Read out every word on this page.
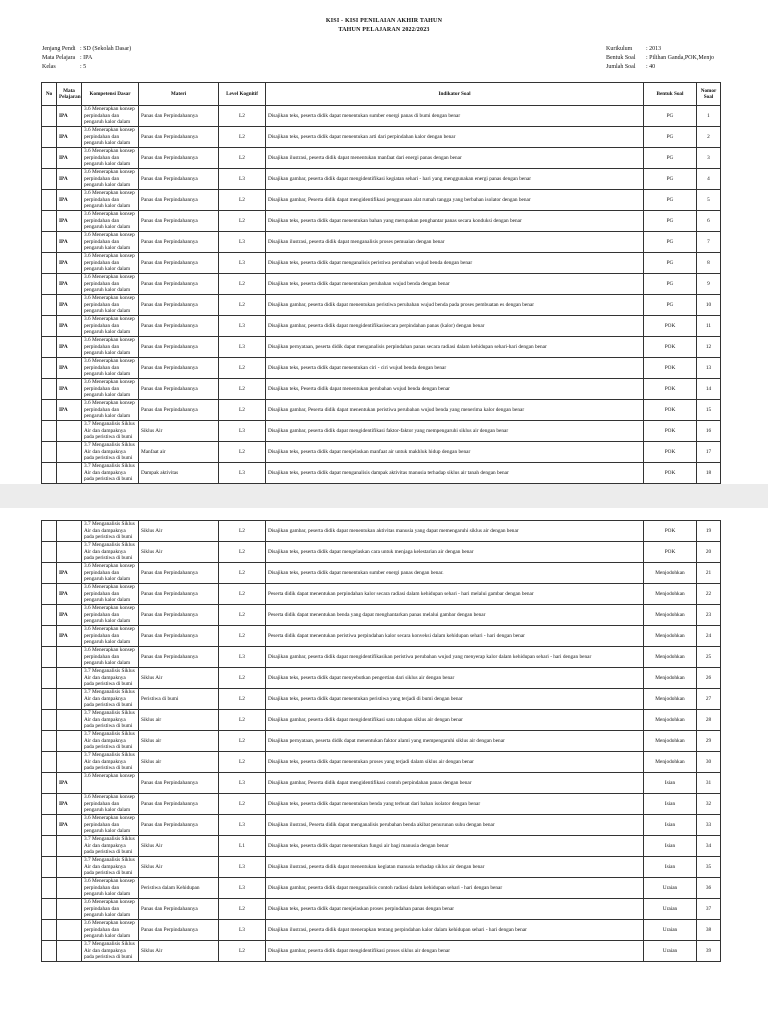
KISI - KISI PENILAIAN AKHIR TAHUN
TAHUN PELAJARAN 2022/2023
Jenjang Pendi : SD (Sekolah Dasar)
Mata Pelajara : IPA
Kelas	: 5
Kurikulum	: 2013
Bentuk Soal	: Pilihan Ganda,POK,Menjo
Jumlah Soal	: 40
No	Mata Pelajaran	Kompetensi Dasar	Materi	Level Kognitif	Indikator Soal	Bentuk Soal	Nomor Soal
	IPA	3.6 Menerapkan konsep perpindahan dan pengaruh kalor dalam	Panas dan Perpindahannya	L2	Disajikan teks, peserta didik dapat menentukan sumber energi panas di bumi dengan benar	PG	1
	IPA	3.6 Menerapkan konsep perpindahan dan pengaruh kalor dalam	Panas dan Perpindahannya	L2	Disajikan teks, peserta didik dapat menentukan arti dari perpindahan kalor dengan benar	PG	2
	IPA	3.6 Menerapkan konsep perpindahan dan pengaruh kalor dalam	Panas dan Perpindahannya	L2	Disajikan ilustrasi, peserta didik dapat menentukan manfaat dari energi panas dengan benar	PG	3
	IPA	3.6 Menerapkan konsep perpindahan dan pengaruh kalor dalam	Panas dan Perpindahannya	L3	Disajikan gambar, peserta didik dapat mengidentifikasi kegiatan sehari - hari yang menggunakan energi panas dengan benar	PG	4
	IPA	3.6 Menerapkan konsep perpindahan dan pengaruh kalor dalam	Panas dan Perpindahannya	L2	Disajikan gambar, Peserta didik dapat mengidentifikasi penggunaan alat rumah tangga yang berbahan isolator dengan benar	PG	5
	IPA	3.6 Menerapkan konsep perpindahan dan pengaruh kalor dalam	Panas dan Perpindahannya	L2	Disajikan teks, peserta didik dapat menentukan bahan yang merupakan penghantar panas secara konduksi dengan benar	PG	6
	IPA	3.6 Menerapkan konsep perpindahan dan pengaruh kalor dalam	Panas dan Perpindahannya	L3	Disajikan ilustrasi, peserta didik dapat menganalisis proses pemuaian dengan benar	PG	7
	IPA	3.6 Menerapkan konsep perpindahan dan pengaruh kalor dalam	Panas dan Perpindahannya	L3	Disajikan teks, peserta didik dapat menganalisis peristiwa perubahan wujud benda dengan benar	PG	8
	IPA	3.6 Menerapkan konsep perpindahan dan pengaruh kalor dalam	Panas dan Perpindahannya	L2	Disajikan teks, peserta didik dapat menentukan perubahan wujud benda dengan benar	PG	9
	IPA	3.6 Menerapkan konsep perpindahan dan pengaruh kalor dalam	Panas dan Perpindahannya	L2	Disajikan gambar, peserta didik dapat menentukan peristiwa perubahan wujud benda pada proses pembuatan es dengan benar	PG	10
	IPA	3.6 Menerapkan konsep perpindahan dan pengaruh kalor dalam	Panas dan Perpindahannya	L3	Disajikan gambar, peserta didik dapat mengidentifikasisecara perpindahan panas (kalor) dengan benar	POK	11
	IPA	3.6 Menerapkan konsep perpindahan dan pengaruh kalor dalam	Panas dan Perpindahannya	L3	Disajikan pernyataan, peserta didik dapat menganalisis perpindahan panas secara radiasi dalam kehidupan sehari-hari dengan benar	POK	12
	IPA	3.6 Menerapkan konsep perpindahan dan pengaruh kalor dalam	Panas dan Perpindahannya	L2	Disajikan teks, peserta didik dapat menentukan ciri - ciri wujud benda dengan benar	POK	13
	IPA	3.6 Menerapkan konsep perpindahan dan pengaruh kalor dalam	Panas dan Perpindahannya	L2	Disajikan teks, Peserta didik dapat menentukan perubahan wujud benda dengan benar	POK	14
	IPA	3.6 Menerapkan konsep perpindahan dan pengaruh kalor dalam	Panas dan Perpindahannya	L2	Disajikan gambar, Peserta didik dapat menentukan peristiwa perubahan wujud benda yang menerima kalor dengan benar	POK	15

		3.7 Menganalisis Siklus Air dan dampaknya pada peristiwa di bumi	Siklus Air	L3	Disajikan gambar, peserta didik dapat mengidentifikasi faktor-faktor yang mempengaruhi siklus air dengan benar	POK	16

		3.7 Menganalisis Siklus Air dan dampaknya pada peristiwa di bumi	Manfaat air	L2	Disajikan teks, peserta didik dapat menjelaskan manfaat air untuk makhluk hidup dengan benar	POK	17

		3.7 Menganalisis Siklus Air dan dampaknya pada peristiwa di bumi	Dampak aktivitas	L3	Disajikan teks, peserta didik dapat menganalisis dampak aktivitas manusia terhadap siklus air tanah dengan benar	POK	18

		3.7 Menganalisis Siklus Air dan dampaknya pada peristiwa di bumi	Siklus Air	L2	Disajikan gambar, peserta didik dapat menentukan aktivitas manusia yang dapat memengaruhi siklus air dengan benar	POK	19

		3.7 Menganalisis Siklus Air dan dampaknya pada peristiwa di bumi	Siklus Air	L2	Disajikan teks, peserta didik dapat mengelaskan cara untuk menjaga kelestarian air dengan benar	POK	20
	IPA	3.6 Menerapkan konsep perpindahan dan pengaruh kalor dalam	Panas dan Perpindahannya	L2	Disajikan teks, peserta didik dapat menentukan sumber energi panas dengan benar.	Menjodohkan	21
	IPA	3.6 Menerapkan konsep perpindahan dan pengaruh kalor dalam	Panas dan Perpindahannya	L2	Peserta didik dapat menentukan perpindahan kalor secara radiasi dalam kehidupan sehari - hari melalui gambar dengan benar	Menjodohkan	22
	IPA	3.6 Menerapkan konsep perpindahan dan pengaruh kalor dalam	Panas dan Perpindahannya	L2	Peserta didik dapat menentukan benda yang dapat menghantarkan panas melalui gambar dengan benar	Menjodohkan	23
	IPA	3.6 Menerapkan konsep perpindahan dan pengaruh kalor dalam	Panas dan Perpindahannya	L2	Peserta didik dapat menentukan peristiwa perpindahan kalor secara konveksi dalam kehidupan sehari - hari dengan benar	Menjodohkan	24

		3.6 Menerapkan konsep perpindahan dan pengaruh kalor dalam	Panas dan Perpindahannya	L3	Disajikan gambar, peserta didik dapat mengidentifikasikan peristiwa perubahan wujud yang menyerap kalor dalam kehidupan sehari - hari dengan benar	Menjodohkan	25

		3.7 Menganalisis Siklus Air dan dampaknya pada peristiwa di bumi	Siklus Air	L2	Disajikan teks, peserta didik dapat menyebutkan pengertian dari siklus air dengan benar	Menjodohkan	26

		3.7 Menganalisis Siklus Air dan dampaknya pada peristiwa di bumi	Peristiwa di bumi	L2	Disajikan teks, peserta didik dapat menentukan peristiwa yang terjadi di bumi dengan benar	Menjodohkan	27

		3.7 Menganalisis Siklus Air dan dampaknya pada peristiwa di bumi	Siklus air	L2	Disajikan gambar, peserta didik dapat mengidentifikasi satu tahapan siklus air dengan benar	Menjodohkan	28

		3.7 Menganalisis Siklus Air dan dampaknya pada peristiwa di bumi	Siklus air	L2	Disajikan pernyataan, peserta didik dapat menentukan faktor alami yang mempengaruhi siklus air dengan benar	Menjodohkan	29

		3.7 Menganalisis Siklus Air dan dampaknya pada peristiwa di bumi	Siklus air	L2	Disajikan teks, peserta didik dapat menentukan proses yang terjadi dalam siklus air dengan benar	Menjodohkan	30
	IPA	3.6 Menerapkan konsep	Panas dan Perpindahannya	L3	Disajikan gambar, Peserta didik dapat mengidentifikasi contoh perpindahan panas dengan benar	Isian	31
	IPA	3.6 Menerapkan konsep perpindahan dan pengaruh kalor dalam	Panas dan Perpindahannya	L2	Disajikan teks, peserta didik dapat menentukan benda yang terbuat dari bahan isolator dengan benar	Isian	32
	IPA	3.6 Menerapkan konsep perpindahan dan pengaruh kalor dalam	Panas dan Perpindahannya	L3	Disajikan ilustrasi, Peserta didik dapat menganalisis perubahan benda akibat penurunan suhu dengan benar	Isian	33

		3.7 Menganalisis Siklus Air dan dampaknya pada peristiwa di bumi	Siklus Air	L1	Disajikan teks, peserta didik dapat menentukan fungsi air bagi manusia dengan benar	Isian	34

		3.7 Menganalisis Siklus Air dan dampaknya pada peristiwa di bumi	Siklus Air	L3	Disajikan ilustrasi, peserta didik dapat menentukan kegiatan manusia terhadap siklus air dengan benar	Isian	35

		3.6 Menerapkan konsep perpindahan dan pengaruh kalor dalam	Peristiwa dalam Kehidupan	L3	Disajikan gambar, peserta didik dapat menganalisis contoh radiasi dalam kehidupan sehari - hari dengan benar	Uraian	36

		3.6 Menerapkan konsep perpindahan dan pengaruh kalor dalam	Panas dan Perpindahannya	L2	Disajikan teks, peserta didik dapat menjelaskan proses perpindahan panas dengan benar	Uraian	37

		3.6 Menerapkan konsep perpindahan dan pengaruh kalor dalam	Panas dan Perpindahannya	L3	Disajikan ilustrasi, peserta didik dapat menerapkan tentang perpindahan kalor dalam kehidupan sehari - hari dengan benar	Uraian	38

		3.7 Menganalisis Siklus Air dan dampaknya pada peristiwa di bumi	Siklus Air	L2	Disajikan gambar, peserta didik dapat mengidentifikasi proses siklus air dengan benar	Uraian	39
